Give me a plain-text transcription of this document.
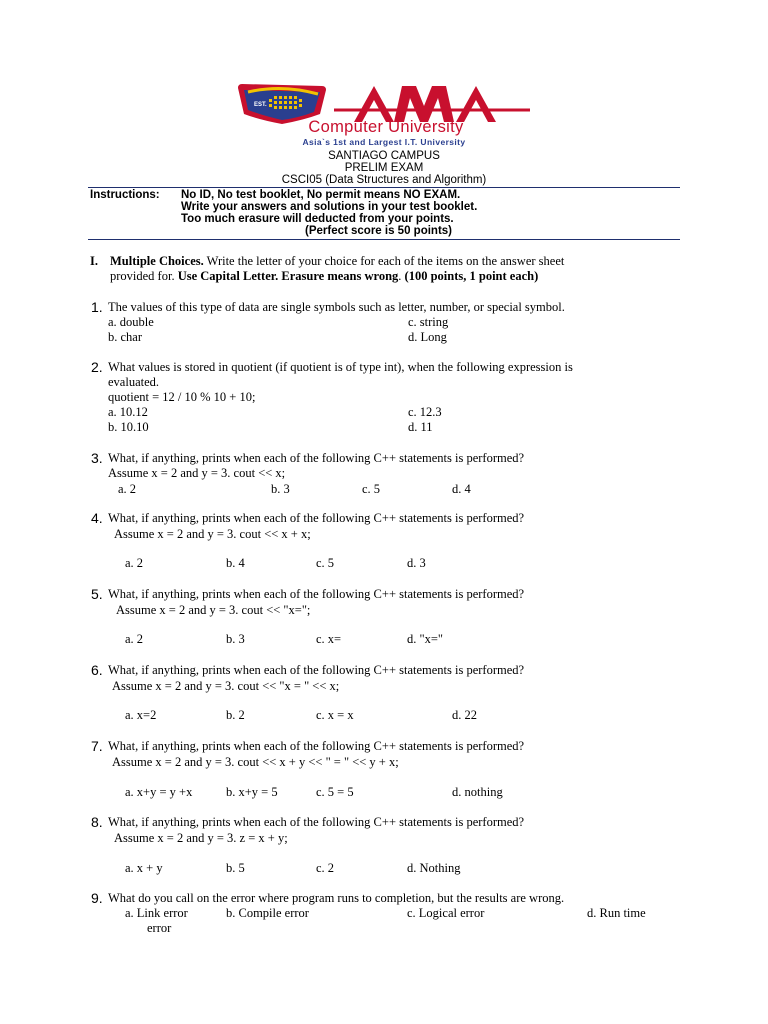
EST.
Computer University
Asia`s 1st and Largest I.T. University
SANTIAGO CAMPUS
PRELIM EXAM
CSCI05 (Data Structures and Algorithm)
Instructions: No ID, No test booklet, No permit means NO EXAM.
Write your answers and solutions in your test booklet.
Too much erasure will deducted from your points.
(Perfect score is 50 points)
I. Multiple Choices. Write the letter of your choice for each of the items on the answer sheet
provided for. Use Capital Letter. Erasure means wrong. (100 points, 1 point each)
1. The values of this type of data are single symbols such as letter, number, or special symbol.
a. double	c. string
b. char	d. Long
2. What values is stored in quotient (if quotient is of type int), when the following expression is
evaluated.
quotient = 12 / 10 % 10 + 10;
a. 10.12	c. 12.3
b. 10.10	d. 11
3. What, if anything, prints when each of the following C++ statements is performed?
Assume x = 2 and y = 3. cout << x;
a. 2	b. 3	c. 5	d. 4
4. What, if anything, prints when each of the following C++ statements is performed?
Assume x = 2 and y = 3. cout << x + x;
a. 2	b. 4	c. 5	d. 3
5. What, if anything, prints when each of the following C++ statements is performed?
Assume x = 2 and y = 3. cout << "x=";
a. 2	b. 3	c. x=	d. "x="
6. What, if anything, prints when each of the following C++ statements is performed?
Assume x = 2 and y = 3. cout << "x = " << x;
a. x=2	b. 2	c. x = x	d. 22
7. What, if anything, prints when each of the following C++ statements is performed?
Assume x = 2 and y = 3. cout << x + y << " = " << y + x;
a. x+y = y +x	b. x+y = 5	c. 5 = 5	d. nothing
8. What, if anything, prints when each of the following C++ statements is performed?
Assume x = 2 and y = 3. z = x + y;
a. x + y	b. 5	c. 2	d. Nothing
9. What do you call on the error where program runs to completion, but the results are wrong.
a. Link error	b. Compile error	c. Logical error	d. Run time
error
